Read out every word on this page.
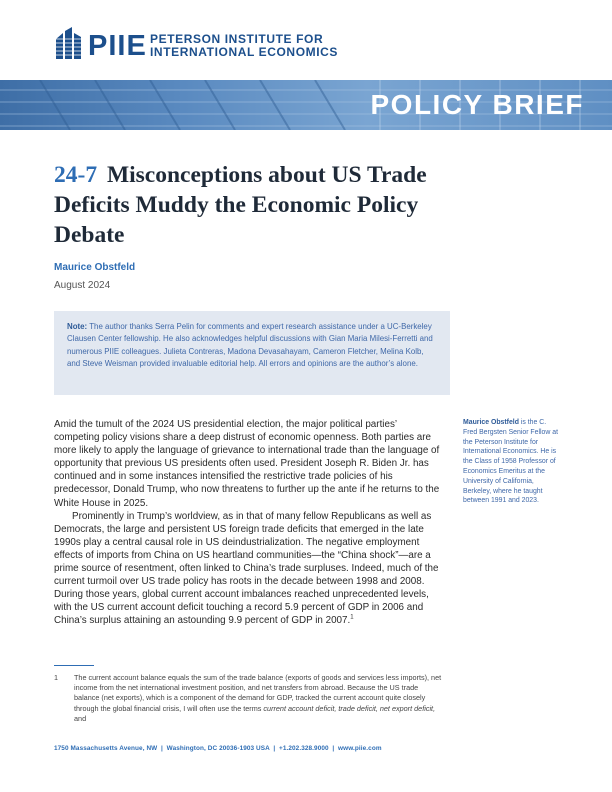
PIIE PETERSON INSTITUTE FOR
INTERNATIONAL ECONOMICS
POLICY BRIEF
24-7 Misconceptions about US Trade Deficits Muddy the Economic Policy Debate
Maurice Obstfeld
August 2024
Note: The author thanks Serra Pelin for comments and expert research assistance under a UC-Berkeley Clausen Center fellowship. He also acknowledges helpful discussions with Gian Maria Milesi-Ferretti and numerous PIIE colleagues. Julieta Contreras, Madona Devasahayam, Cameron Fletcher, Melina Kolb, and Steve Weisman provided invaluable editorial help. All errors and opinions are the author’s alone.

Amid the tumult of the 2024 US presidential election, the major political parties’ competing policy visions share a deep distrust of economic openness. Both parties are more likely to apply the language of grievance to international trade than the language of opportunity that previous US presidents often used. President Joseph R. Biden Jr. has continued and in some instances intensified the restrictive trade policies of his predecessor, Donald Trump, who now threatens to further up the ante if he returns to the White House in 2025.

Prominently in Trump’s worldview, as in that of many fellow Republicans as well as Democrats, the large and persistent US foreign trade deficits that emerged in the late 1990s play a central causal role in US deindustrialization. The negative employment effects of imports from China on US heartland communities—the “China shock”—are a prime source of resentment, often linked to China’s trade surpluses. Indeed, much of the current turmoil over US trade policy has roots in the decade between 1998 and 2008. During those years, global current account imbalances reached unprecedented levels, with the US current account deficit touching a record 5.9 percent of GDP in 2006 and China’s surplus attaining an astounding 9.9 percent of GDP in 2007.$^1$

Maurice Obstfeld is the C. Fred Bergsten Senior Fellow at the Peterson Institute for International Economics. He is the Class of 1958 Professor of Economics Emeritus at the University of California, Berkeley, where he taught between 1991 and 2023.
1 The current account balance equals the sum of the trade balance (exports of goods and services less imports), net income from the net international investment position, and net transfers from abroad. Because the US trade balance (net exports), which is a component of the demand for GDP, tracked the current account quite closely through the global financial crisis, I will often use the terms current account deficit, trade deficit, net export deficit, and
1750 Massachusetts Avenue, NW  |  Washington, DC 20036-1903 USA  |  +1.202.328.9000  |  www.piie.com
